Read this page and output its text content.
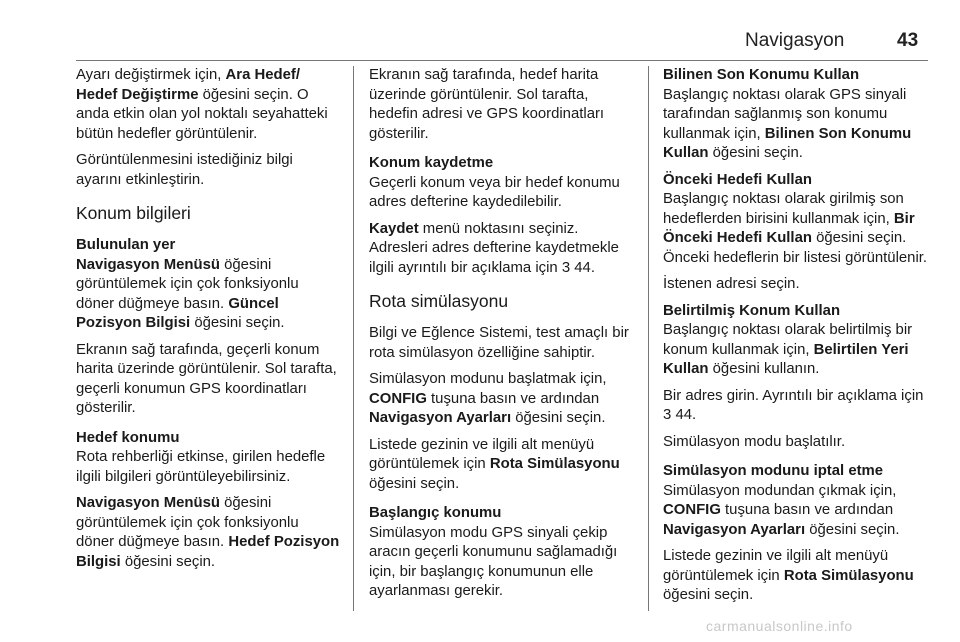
Navigasyon	43

Ayarı değiştirmek için, Ara Hedef/ Hedef Değiştirme öğesini seçin. O anda etkin olan yol noktalı seyahatteki bütün hedefler görüntülenir.

Görüntülenmesini istediğiniz bilgi ayarını etkinleştirin.

Konum bilgileri
Bulunulan yer

Navigasyon Menüsü öğesini görüntülemek için çok fonksiyonlu döner düğmeye basın. Güncel Pozisyon Bilgisi öğesini seçin.

Ekranın sağ tarafında, geçerli konum harita üzerinde görüntülenir. Sol tarafta, geçerli konumun GPS koordinatları gösterilir.

Hedef konumu

Rota rehberliği etkinse, girilen hedefle ilgili bilgileri görüntüleyebilirsiniz.

Navigasyon Menüsü öğesini görüntülemek için çok fonksiyonlu döner düğmeye basın. Hedef Pozisyon Bilgisi öğesini seçin.

Ekranın sağ tarafında, hedef harita üzerinde görüntülenir. Sol tarafta, hedefin adresi ve GPS koordinatları gösterilir.

Konum kaydetme

Geçerli konum veya bir hedef konumu adres defterine kaydedilebilir.

Kaydet menü noktasını seçiniz. Adresleri adres defterine kaydetmekle ilgili ayrıntılı bir açıklama için 3 44.

Rota simülasyonu

Bilgi ve Eğlence Sistemi, test amaçlı bir rota simülasyon özelliğine sahiptir.

Simülasyon modunu başlatmak için, CONFIG tuşuna basın ve ardından Navigasyon Ayarları öğesini seçin.

Listede gezinin ve ilgili alt menüyü görüntülemek için Rota Simülasyonu öğesini seçin.

Başlangıç konumu

Simülasyon modu GPS sinyali çekip aracın geçerli konumunu sağlamadığı için, bir başlangıç konumunun elle ayarlanması gerekir.

Bilinen Son Konumu Kullan

Başlangıç noktası olarak GPS sinyali tarafından sağlanmış son konumu kullanmak için, Bilinen Son Konumu Kullan öğesini seçin.

Önceki Hedefi Kullan

Başlangıç noktası olarak girilmiş son hedeflerden birisini kullanmak için, Bir Önceki Hedefi Kullan öğesini seçin. Önceki hedeflerin bir listesi görüntülenir.

İstenen adresi seçin.

Belirtilmiş Konum Kullan

Başlangıç noktası olarak belirtilmiş bir konum kullanmak için, Belirtilen Yeri Kullan öğesini kullanın.

Bir adres girin. Ayrıntılı bir açıklama için 3 44.

Simülasyon modu başlatılır.

Simülasyon modunu iptal etme

Simülasyon modundan çıkmak için, CONFIG tuşuna basın ve ardından Navigasyon Ayarları öğesini seçin.

Listede gezinin ve ilgili alt menüyü görüntülemek için Rota Simülasyonu öğesini seçin.

carmanualsonline.info
